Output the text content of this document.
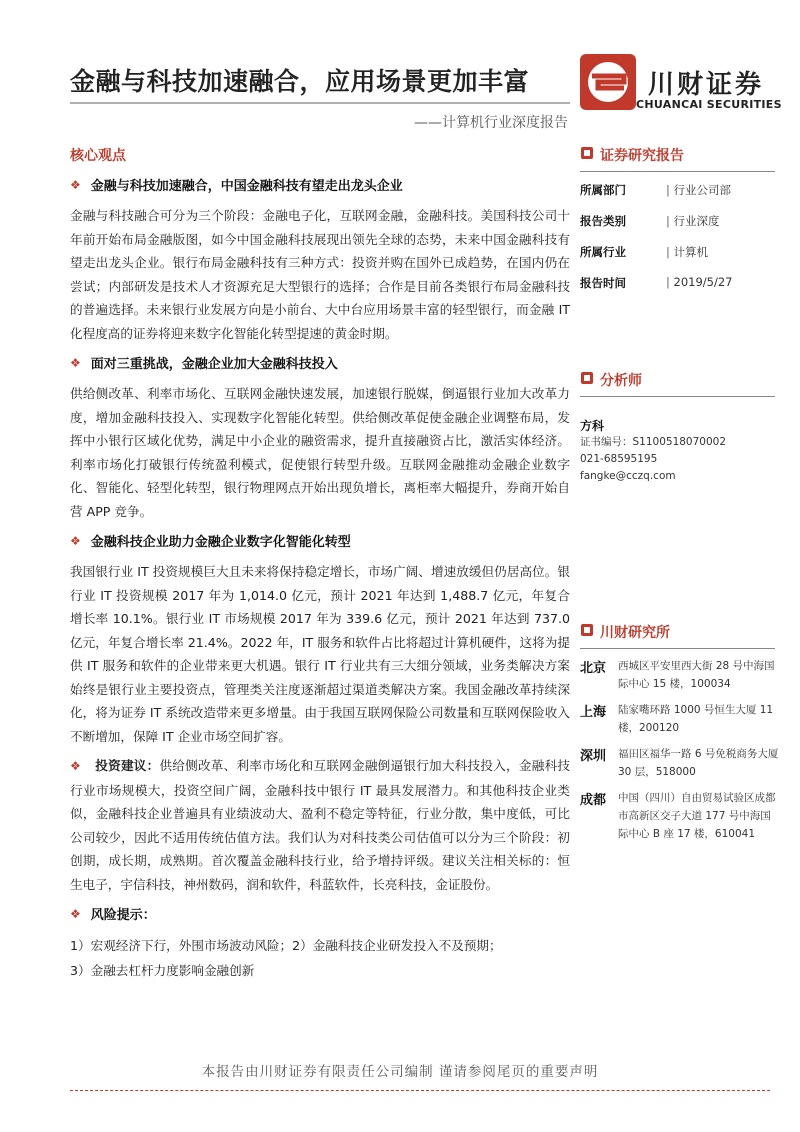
金融与科技加速融合，应用场景更加丰富
——计算机行业深度报告
川财证券
CHUANCAI SECURITIES
核心观点
❖ 金融与科技加速融合，中国金融科技有望走出龙头企业

金融与科技融合可分为三个阶段：金融电子化，互联网金融，金融科技。美国科技公司十年前开始布局金融版图，如今中国金融科技展现出领先全球的态势，未来中国金融科技有望走出龙头企业。银行布局金融科技有三种方式：投资并购在国外已成趋势，在国内仍在尝试；内部研发是技术人才资源充足大型银行的选择；合作是目前各类银行布局金融科技的普遍选择。未来银行业发展方向是小前台、大中台应用场景丰富的轻型银行，而金融 IT 化程度高的证券将迎来数字化智能化转型提速的黄金时期。

❖ 面对三重挑战，金融企业加大金融科技投入

供给侧改革、利率市场化、互联网金融快速发展，加速银行脱媒，倒逼银行业加大改革力度，增加金融科技投入、实现数字化智能化转型。供给侧改革促使金融企业调整布局，发挥中小银行区域化优势，满足中小企业的融资需求，提升直接融资占比，激活实体经济。利率市场化打破银行传统盈利模式，促使银行转型升级。互联网金融推动金融企业数字化、智能化、轻型化转型，银行物理网点开始出现负增长，离柜率大幅提升，券商开始自营 APP 竞争。

❖ 金融科技企业助力金融企业数字化智能化转型

我国银行业 IT 投资规模巨大且未来将保持稳定增长，市场广阔、增速放缓但仍居高位。银行业 IT 投资规模 2017 年为 1,014.0 亿元，预计 2021 年达到 1,488.7 亿元，年复合增长率 10.1%。银行业 IT 市场规模 2017 年为 339.6 亿元，预计 2021 年达到 737.0 亿元，年复合增长率 21.4%。2022 年，IT 服务和软件占比将超过计算机硬件，这将为提供 IT 服务和软件的企业带来更大机遇。银行 IT 行业共有三大细分领域，业务类解决方案始终是银行业主要投资点，管理类关注度逐渐超过渠道类解决方案。我国金融改革持续深化，将为证券 IT 系统改造带来更多增量。由于我国互联网保险公司数量和互联网保险收入不断增加，保障 IT 企业市场空间扩容。

❖ 投资建议：供给侧改革、利率市场化和互联网金融倒逼银行加大科技投入，金融科技行业市场规模大，投资空间广阔，金融科技中银行 IT 最具发展潜力。和其他科技企业类似，金融科技企业普遍具有业绩波动大、盈利不稳定等特征，行业分散，集中度低，可比公司较少，因此不适用传统估值方法。我们认为对科技类公司估值可以分为三个阶段：初创期，成长期，成熟期。首次覆盖金融科技行业，给予增持评级。建议关注相关标的：恒生电子，宇信科技，神州数码，润和软件，科蓝软件，长亮科技，金证股份。

❖ 风险提示：
1）宏观经济下行，外围市场波动风险；2）金融科技企业研发投入不及预期；
3）金融去杠杆力度影响金融创新
证券研究报告
所属部门	| 行业公司部
报告类别	| 行业深度
所属行业	| 计算机
报告时间	| 2019/5/27
分析师
方科
证书编号：S1100518070002
021-68595195
fangke@cczq.com
川财研究所
北京	西城区平安里西大街 28 号中海国际中心 15 楼，100034
上海	陆家嘴环路 1000 号恒生大厦 11 楼，200120
深圳	福田区福华一路 6 号免税商务大厦 30 层，518000
成都	中国（四川）自由贸易试验区成都市高新区交子大道 177 号中海国际中心 B 座 17 楼，610041
本报告由川财证券有限责任公司编制 谨请参阅尾页的重要声明
